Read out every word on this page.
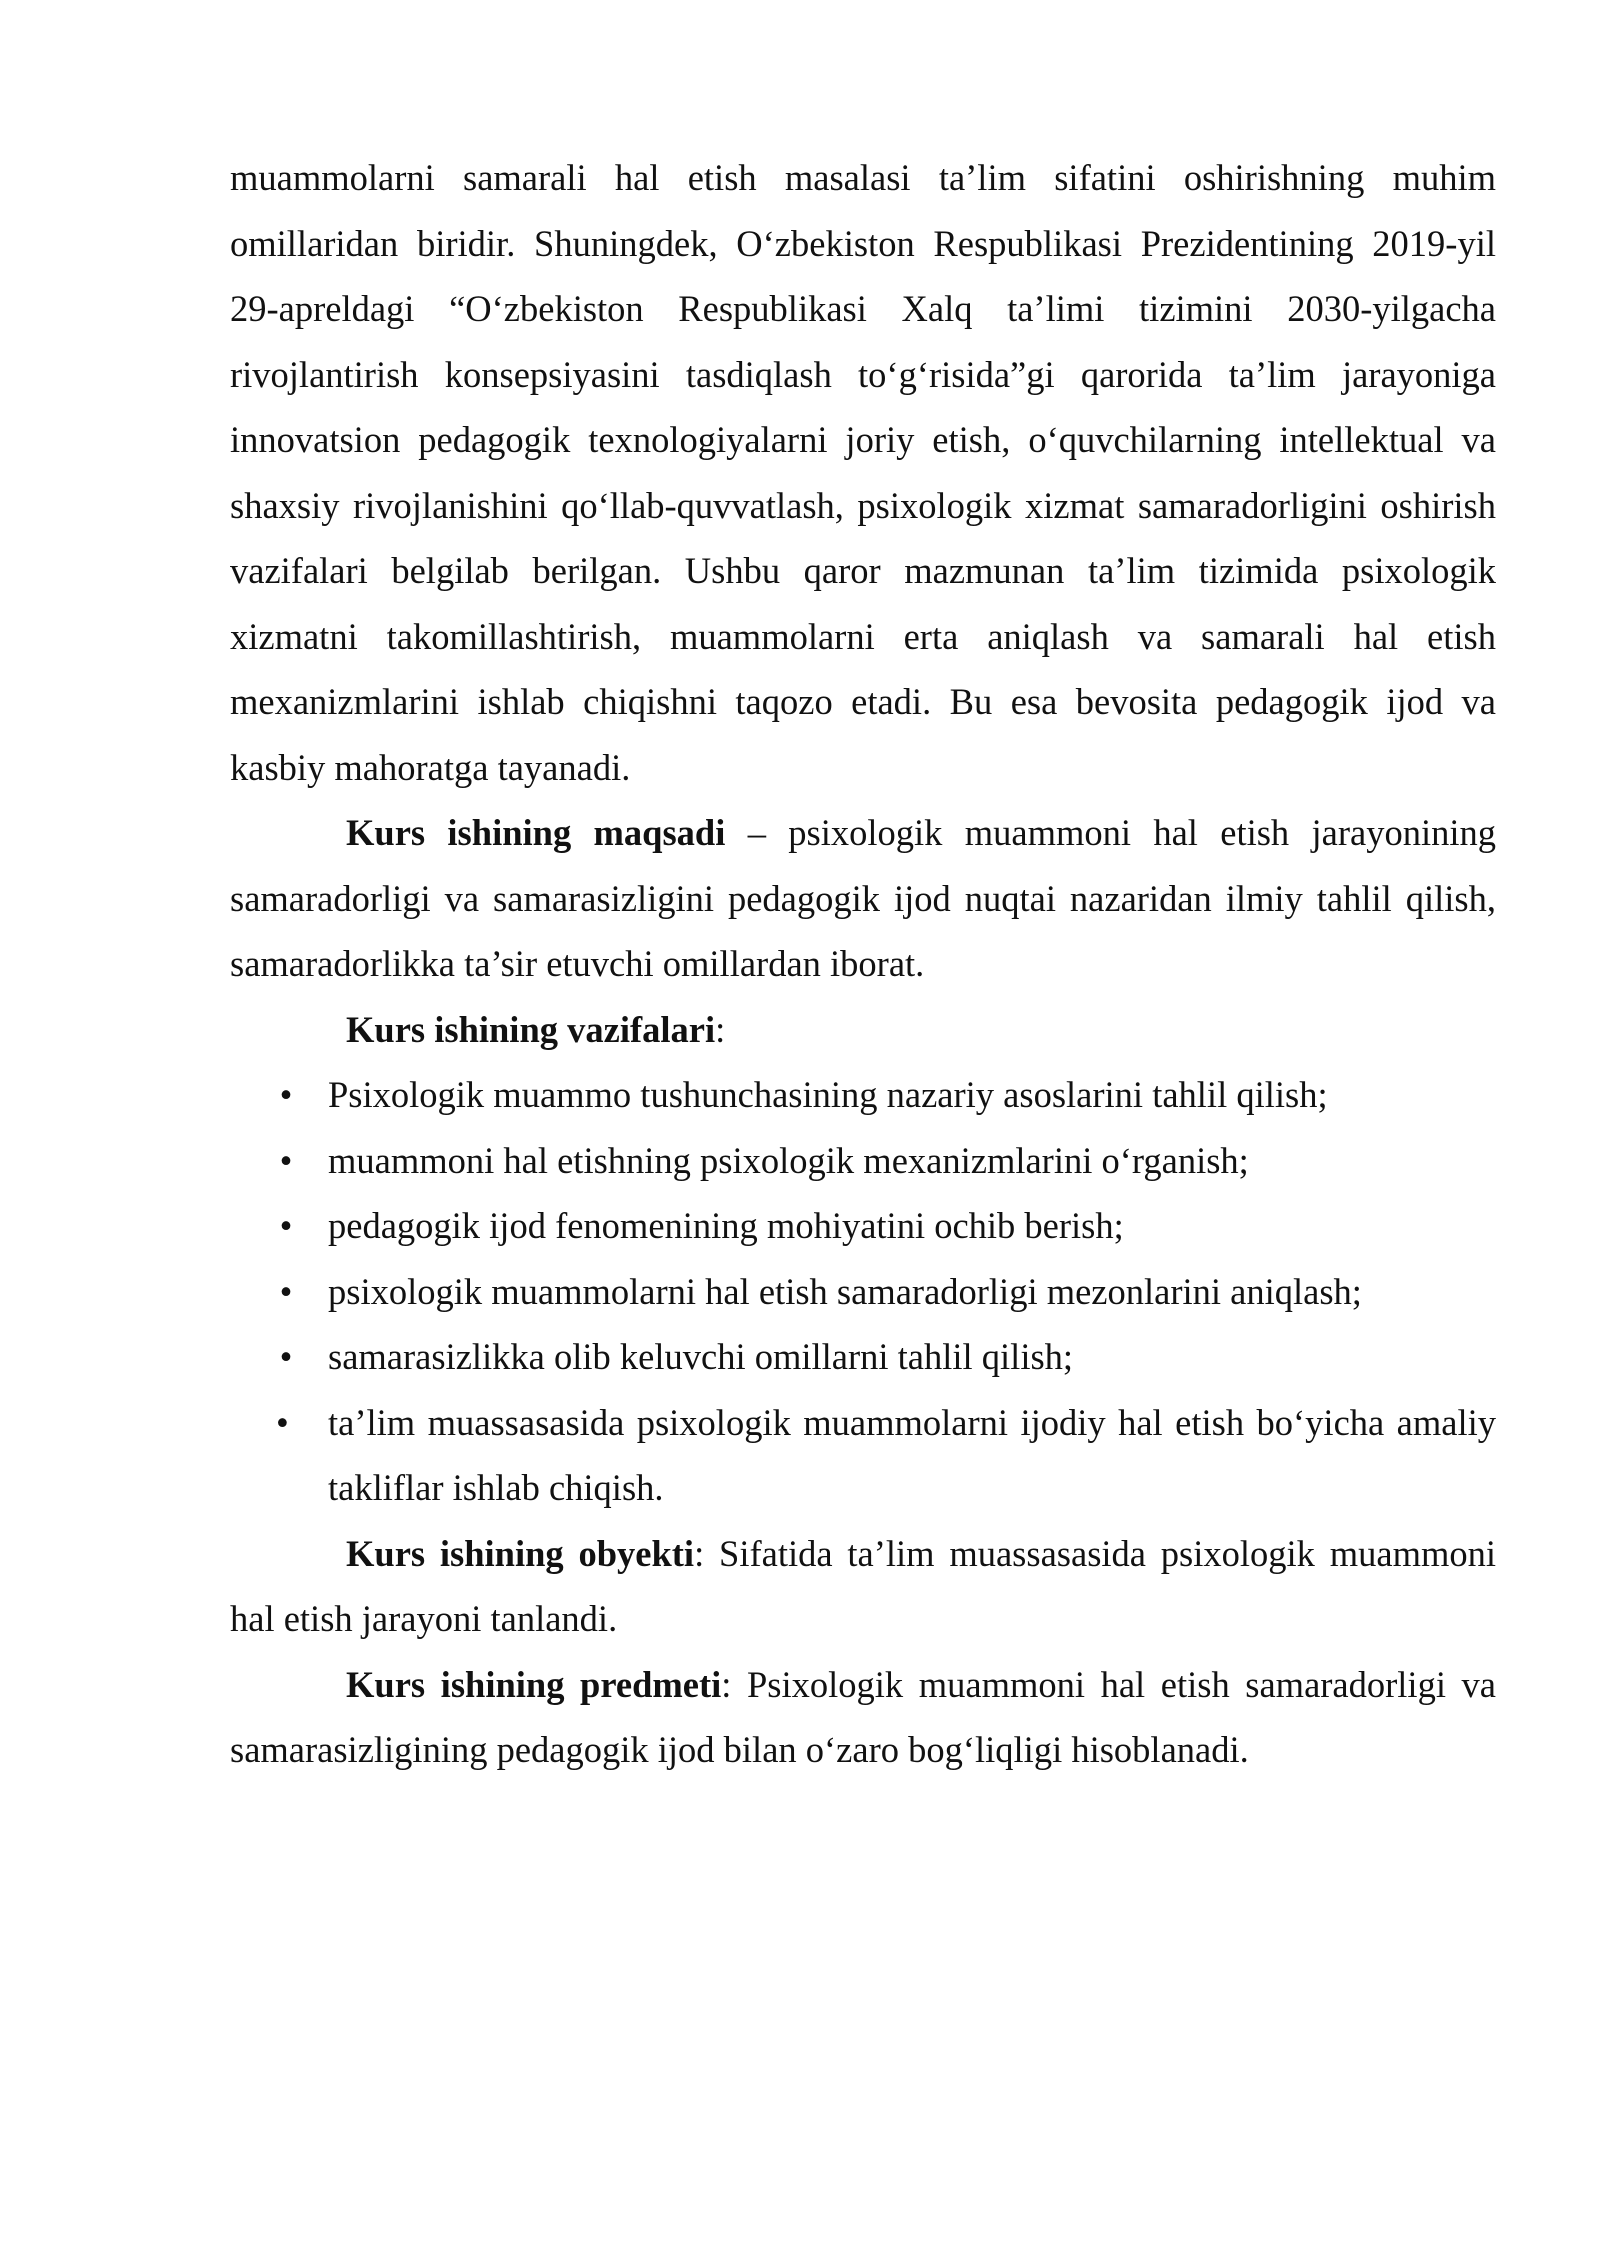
muammolarni samarali hal etish masalasi ta’lim sifatini oshirishning muhim omillaridan biridir. Shuningdek, O‘zbekiston Respublikasi Prezidentining 2019-yil 29-apreldagi “O‘zbekiston Respublikasi Xalq ta’limi tizimini 2030-yilgacha rivojlantirish konsepsiyasini tasdiqlash to‘g‘risida”gi qarorida ta’lim jarayoniga innovatsion pedagogik texnologiyalarni joriy etish, o‘quvchilarning intellektual va shaxsiy rivojlanishini qo‘llab-quvvatlash, psixologik xizmat samaradorligini oshirish vazifalari belgilab berilgan. Ushbu qaror mazmunan ta’lim tizimida psixologik xizmatni takomillashtirish, muammolarni erta aniqlash va samarali hal etish mexanizmlarini ishlab chiqishni taqozo etadi. Bu esa bevosita pedagogik ijod va kasbiy mahoratga tayanadi.

Kurs ishining maqsadi – psixologik muammoni hal etish jarayonining samaradorligi va samarasizligini pedagogik ijod nuqtai nazaridan ilmiy tahlil qilish, samaradorlikka ta’sir etuvchi omillardan iborat.

Kurs ishining vazifalari:

• Psixologik muammo tushunchasining nazariy asoslarini tahlil qilish;
• muammoni hal etishning psixologik mexanizmlarini o‘rganish;
• pedagogik ijod fenomenining mohiyatini ochib berish;
• psixologik muammolarni hal etish samaradorligi mezonlarini aniqlash;
• samarasizlikka olib keluvchi omillarni tahlil qilish;
• ta’lim muassasasida psixologik muammolarni ijodiy hal etish bo‘yicha amaliy takliflar ishlab chiqish.

Kurs ishining obyekti: Sifatida ta’lim muassasasida psixologik muammoni hal etish jarayoni tanlandi.

Kurs ishining predmeti: Psixologik muammoni hal etish samaradorligi va samarasizligining pedagogik ijod bilan o‘zaro bog‘liqligi hisoblanadi.
